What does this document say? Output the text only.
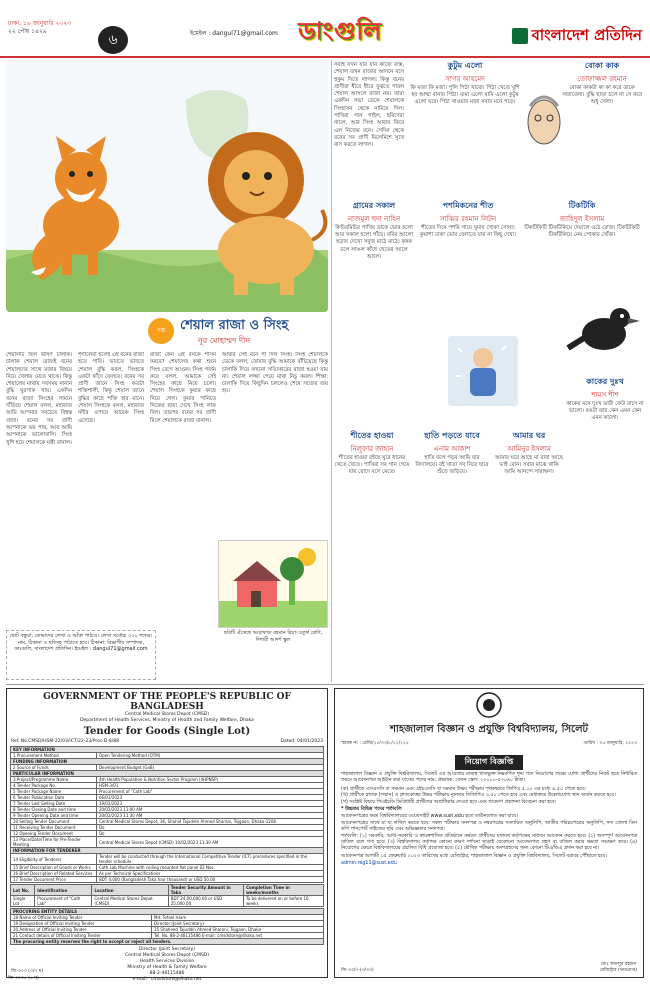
ঢাকা, ১৬ জানুয়ারি ২০২৩
২২ পৌষ ১৪২৯
৬	ইমেইল : dangul71@gmail.com ডাংগুলি	বাংলাদেশ প্রতিদিন
গল্প	শেয়াল রাজা ও সিংহ
নূর মোহাম্মদ দীন
শেয়ালটি ছিল ভীষণ চালাক। চালাক শেয়াল রোজই বনের শেয়ালদের সাথে মজার বিষয়ে নিয়ে খেলায় মেতে থাকে। কিন্তু শেয়ালের মাথায় সবসময় নানান বুদ্ধি ঘুরপাক খায়। একদিন বনের রাজা সিংহের সামনে দাঁড়িয়ে শেয়াল বলল, মহারাজ আমি আপনার সবচেয়ে বিশ্বস্ত প্রজা। বনের সব প্রাণী আপনাকে ভয় পায়, আর আমি আপনাকে ভালোবাসি। সিংহ খুশি হয়ে শেয়ালকে মন্ত্রী বানাল।
শৃগালেরা হলেই এই বনের রাজা হতে পারি। ভাবতে ভাবতে শেয়াল বুদ্ধি করল, সিংহকে একটা ফাঁদে ফেলবে। বনের সব প্রাণী জানে সিংহ কতটা শক্তিশালী, কিন্তু শেয়াল জানে বুদ্ধির কাছে শক্তি হার মানে। শেয়াল সিংহকে বলল, মহারাজ নদীর ওপারে আরেক সিংহ এসেছে।
রাজা কেন এই বনকে শাসন করবে? শেয়ালের কথা শুনে সিংহ রেগে আগুন। সিংহ গর্জন করে বলল, আমাকে সেই সিংহের কাছে নিয়ে চলো। শেয়াল সিংহকে কুয়ার কাছে নিয়ে গেল। কুয়ার পানিতে নিজের ছায়া দেখে সিংহ লাফ দিল। তারপর বনের সব প্রাণী মিলে শেয়ালকে রাজা বানাল।
আবার সেই বনে পা দিল সিংহ। সিংহ শেয়ালকে ডেকে বলল, তোমার বুদ্ধি আমাকে বাঁচিয়েছে কিন্তু চালাকি দিয়ে কখনো সত্যিকারের রাজা হওয়া যায় না। শেয়াল লজ্জা পেয়ে মাথা নিচু করল। শিক্ষা: চালাকি দিয়ে কিছুদিন চললেও শেষে সত্যের জয় হয়।
সবাই যখন যার যার কাজে ব্যস্ত, শেয়াল তখন রাজার আসনে বসে হুকুম দিতে লাগল। কিন্তু বনের প্রাণীরা ধীরে ধীরে বুঝতে পারল শেয়াল আসলে রাজা নয়। তারা একদিন সভা ডেকে শেয়ালকে সিংহাসন থেকে নামিয়ে দিল। পাখিরা গান গাইল, হরিণেরা নাচল, আর সিংহ আবার ফিরে এল নিজের বনে। সেদিন থেকে বনের সব প্রাণী মিলেমিশে সুখে বাস করতে লাগল।
ছোট বন্ধুরা, তোমাদের লেখা ও আঁকা পাঠাও। লেখা সর্বোচ্চ ৩০০ শব্দের। নাম, ঠিকানা ও ছবিসহ পাঠাতে হবে। ঠিকানা: বিভাগীয় সম্পাদক, ডাংগুলি, বাংলাদেশ প্রতিদিন। ইমেইল : dangul71@gmail.com
ছবিটি এঁকেছে আরাফাত রহমান রিয়া। চতুর্থ শ্রেণি, দিশারী আদর্শ স্কুল
কুটুম এলো
সাগর আহমেদ
কি মজা কি মজা। পুলি পিঠা খাবো। পিঠা খেতে খুশি হব আম্মা বানায় পিঠা। মামা এলো মামি এলো কুটুম এলো ঘরে। পিঠা খাওয়ার মজা সবার মনে পড়ে।
গ্রামের সকাল
নাজমুল হুদা নাহিন
কিচিরমিচির পাখির ডাকে ভোর হলো আর সকাল হলো গাঁয়ে। রবির আলো ছড়ায় দেখো সবুজ মাঠে মাঠে। কৃষক চলে লাঙল কাঁধে খেতের আলে আলে।
পশমিকনের শীত
সাব্বির রহমান লিটন
শীতের দিনে পশমি গায়ে ঘুমায় খোকা সোনা। কুয়াশা ঢাকা ভোর বেলাতে যায় না কিছু দেখা।
টিকটিকি
জাহিদুল ইসলাম
টিকটিকিটি টিকটিকিয়ে দেয়ালে ওঠে রোজ। টিকটিকিটি টিকটিকিয়ে নেয় পোকার খোঁজ।
বোকা কাক
তোফাজ্জল রহমান
বোকা কাকটা কা কা করে ডাকে সারাবেলা। বুদ্ধি ছাড়া চলে না সে করে শুধু খেলা।
শীতের হাওয়া
নিলুফার জাহান
শীতের হাওয়া বইছে ঘুরে ধানের খেতে খেতে। পাখিরা সব গান গেয়ে যায় রোদে বসে মেতে।
হাতি পড়তে যাবে
এনাম আকাশ
হাতি বলে পড়ব আমি যাব বিদ্যালয়ে। বই খাতা সব নিয়ে যাবে শুঁড়ে জড়িয়ে।
আমার ঘর
আমিনুর ইসলাম
আমার ঘরে আছে মা বাবা আছে ভাই বোন। সবার মাঝে থাকি আমি আনন্দে সারাক্ষণ।
কাকের দুঃখ
শামস শীশ
কাকের মনে দুঃখ ভারী কেউ বাসে না ভালো। রঙটা তার কেন এমন কেন এমন কালো।
GOVERNMENT OF THE PEOPLE'S REPUBLIC OF BANGLADESH
Central Medical Stores Depot (CMSD)
Department of Health Services, Ministry of Health and Family Welfare, Dhaka
Tender for Goods (Single Lot)
Ref. No.CMSD/HSM-22/03/ICT/22-23/Proc.D-8/88	Dated: 04/01/2023
KEY INFORMATION	
1 Procurement Method	Open Tendering Method (OTM)
FUNDING INFORMATION	
2 Source of Funds	Development Budget (GoB)
PARTICULAR INFORMATION	
3 Project/Programme Name	4th Health Population & Nutrition Sector Program (4HPNSP)
4 Tender Package No.	HSM-3/01
5 Tender Package Name	Procurement of "Cath Lab"
6 Tender Publication Date	06/01/2023
7 Tender Last Selling Date	19/02/2023
8 Tender Closing Date and time	20/02/2023 11:00 AM
9 Tender Opening Date and time	20/02/2023 11:30 AM
10 Selling Tender Document	Central Medical Stores Depot, 36, Shahid Tajuddin Ahmed Sharani, Tejgaon, Dhaka-1208
11 Receiving Tender Document	Do
12 Opening Tender Document	Do
13 Place/Date/Time for Pre-Tender Meeting	Central Medical Stores Depot (CMSD) 10/02/2023 11:30 AM
INFORMATION FOR TENDERER	
14 Eligibility of Tenderer	Tender will be conducted through the International Competitive Tender (ICT) procedures specified in the tender schedule
15 Brief Description of Goods or Works	Cath Lab Machine with ceiling mounted flat panel 02 Nos.
16 Brief Description of Related Services	As per Technical Specifications
17 Tender Document Price	BDT 4,000 (Bangladesh Taka four thousand) or USD 50.00
Lot No.	Identification	Location	Tender Security Amount in Taka	Completion Time in weeks/months
Single Lot	Procurement of "Cath Lab"	Central Medical Stores Depot (CMSD)	BDT 24,00,000.00 or USD 25,000.00	To be delivered on or before 16 weeks
PROCURING ENTITY DETAILS	
18 Name of Official Inviting Tender	Md. Tofael Islam
19 Designation of Official Inviting Tender	Director (Joint Secretary)
20 Address of Official Inviting Tender	35 Shaheed Tajuddin Ahmed Sharani, Tejgaon, Dhaka
21 Contact details of Official Inviting Tender	Tel. No. 88-2-48115486 E-mail: cmsdstore@dhaka.net
The procuring entity reserves the right to accept or reject all tenders.	
Director (Joint Secretary)
Central Medical Stores Depot (CMSD)
Health Services Division
Ministry of Health & Family Welfare
88-2-48115486
e-mail : cmsdstore@dhaka.net
জি-৩০৩ (৩/৩ ঘ)
শাহজালাল বিজ্ঞান ও প্রযুক্তি বিশ্ববিদ্যালয়, সিলেট
স্মারক নং : রেজি/২০/৩৩/৮/২২/২২৫	তারিখ : ০৫ জানুয়ারি, ২০২৩
নিয়োগ বিজ্ঞপ্তি
শাহজালাল বিজ্ঞান ও প্রযুক্তি বিশ্ববিদ্যালয়, সিলেট এর আওতায় রাজস্ব খাতভুক্ত নিম্নবর্ণিত শূন্য পদে নিয়োগের লক্ষ্যে যোগ্য প্রার্থীদের নিকট হতে নির্ধারিত ফরমে আবেদনপত্র আহ্বান করা যাচ্ছে। পদের নাম: প্রভাষক, বেতন স্কেল: ২২০০০-৫৩০৬০ টাকা।
(ক) প্রার্থীকে এসএসসি বা সমমান এবং এইচএসসি বা সমমান উভয় পরীক্ষায় পৃথকভাবে জিপিএ ৫.০০ এর মধ্যে ৪.৫০ পেতে হবে।
(খ) প্রার্থীকে স্নাতক (সম্মান) ও স্নাতকোত্তর উভয় পরীক্ষায় ন্যূনতম সিজিপিএ ৩.৫০ পেতে হবে এবং মেধাক্রমে উল্লেখযোগ্য স্থান অর্জন করতে হবে।
(গ) সংশ্লিষ্ট বিষয়ে পিএইচডি ডিগ্রিধারী প্রার্থীদের অগ্রাধিকার দেওয়া হবে এবং গবেষণা প্রকাশনা বিবেচনা করা হবে।
* উচ্চতর বিভিন্ন পদের শর্তাবলি
আবেদনপত্রের ফরম বিশ্ববিদ্যালয়ের ওয়েবসাইট www.sust.edu হতে ডাউনলোড করা যাবে।
আবেদনপত্রের সাথে যা যা দাখিল করতে হবে: সকল পরীক্ষার সনদপত্র ও নম্বরপত্রের সত্যায়িত অনুলিপি, জাতীয় পরিচয়পত্রের অনুলিপি, সদ্য তোলা তিন কপি পাসপোর্ট সাইজের ছবি এবং অভিজ্ঞতার সনদপত্র।
শর্তাবলি: (১) সরকারি, আধা-সরকারি ও স্বায়ত্তশাসিত প্রতিষ্ঠানে কর্মরত প্রার্থীদের যথাযথ কর্তৃপক্ষের মাধ্যমে আবেদন করতে হবে। (২) অসম্পূর্ণ আবেদনপত্র বাতিল বলে গণ্য হবে। (৩) বিশ্ববিদ্যালয় কর্তৃপক্ষ কোনো কারণ দর্শানো ছাড়াই যেকোনো আবেদনপত্র গ্রহণ বা বাতিল করার ক্ষমতা সংরক্ষণ করে। (৪) নিয়োগের ক্ষেত্রে বিশ্ববিদ্যালয়ের প্রচলিত বিধি প্রযোজ্য হবে। (৫) মৌখিক পরীক্ষায় অংশগ্রহণের জন্য কোনো টিএ/ডিএ প্রদান করা হবে না।
আবেদনপত্র আগামী ০৫ ফেব্রুয়ারি ২০২৩ তারিখের মধ্যে রেজিস্ট্রার, শাহজালাল বিজ্ঞান ও প্রযুক্তি বিশ্ববিদ্যালয়, সিলেট বরাবর পৌঁছাতে হবে।
admin.reg11@sust.edu
জি-৩৩/৩-(৩/৩৩)
মোঃ ফজলুর রহমান
রেজিস্ট্রার (ভারপ্রাপ্ত)
জি-৩০৩৫ (৬ ঘ)
